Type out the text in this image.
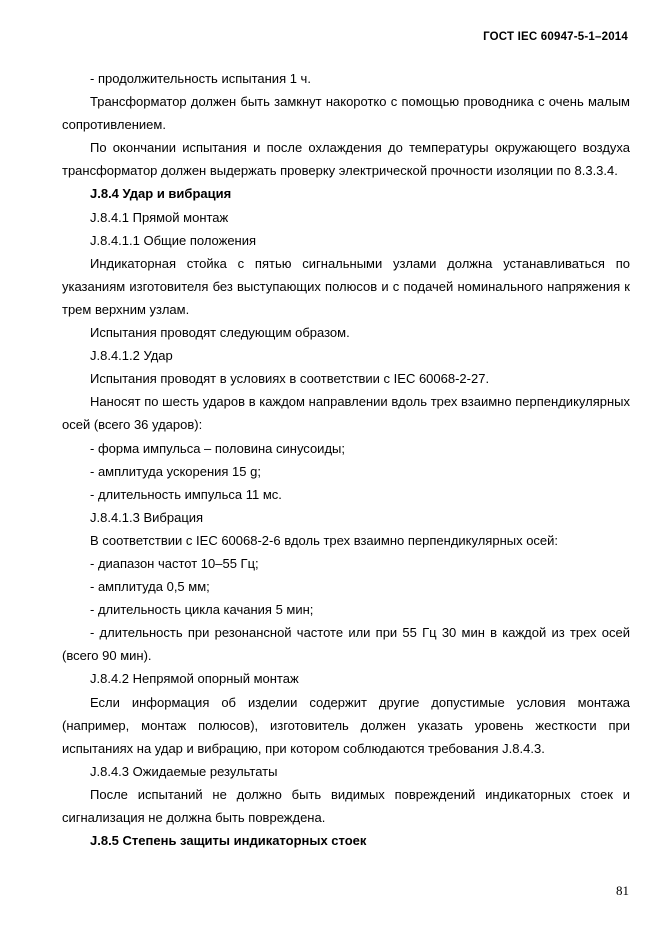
ГОСТ IEC 60947-5-1–2014

- продолжительность испытания 1 ч.

Трансформатор должен быть замкнут накоротко с помощью проводника с очень малым сопротивлением.

По окончании испытания и после охлаждения до температуры окружающего воздуха трансформатор должен выдержать проверку электрической прочности изоляции по 8.3.3.4.

J.8.4 Удар и вибрация

J.8.4.1 Прямой монтаж

J.8.4.1.1 Общие положения

Индикаторная стойка с пятью сигнальными узлами должна устанавливаться по указаниям изготовителя без выступающих полюсов и с подачей номинального напряжения к трем верхним узлам.

Испытания проводят следующим образом.

J.8.4.1.2 Удар

Испытания проводят в условиях в соответствии с IEC 60068-2-27.

Наносят по шесть ударов в каждом направлении вдоль трех взаимно перпендикулярных осей (всего 36 ударов):

- форма импульса – половина синусоиды;

- амплитуда ускорения 15 g;

- длительность импульса 11 мс.

J.8.4.1.3 Вибрация

В соответствии с IEC 60068-2-6 вдоль трех взаимно перпендикулярных осей:

- диапазон частот 10–55 Гц;

- амплитуда 0,5 мм;

- длительность цикла качания 5 мин;

- длительность при резонансной частоте или при 55 Гц 30 мин в каждой из трех осей (всего 90 мин).

J.8.4.2 Непрямой опорный монтаж

Если информация об изделии содержит другие допустимые условия монтажа (например, монтаж полюсов), изготовитель должен указать уровень жесткости при испытаниях на удар и вибрацию, при котором соблюдаются требования J.8.4.3.

J.8.4.3 Ожидаемые результаты

После испытаний не должно быть видимых повреждений индикаторных стоек и сигнализация не должна быть повреждена.

J.8.5 Степень защиты индикаторных стоек

81
